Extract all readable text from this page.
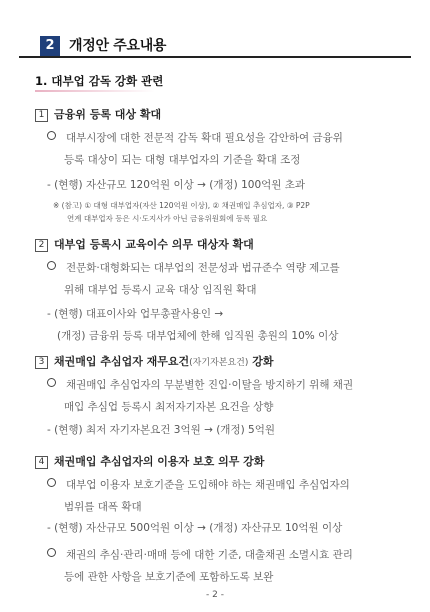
2	개정안 주요내용
1. 대부업 감독 강화 관련
1 금융위 등록 대상 확대
대부시장에 대한 전문적 감독 확대 필요성을 감안하여 금융위
등록 대상이 되는 대형 대부업자의 기준을 확대 조정
- (현행) 자산규모 120억원 이상 → (개정) 100억원 초과
※ (참고) ① 대형 대부업자(자산 120억원 이상), ② 채권매입 추심업자, ③ P2P
연계 대부업자 등은 시·도지사가 아닌 금융위원회에 등록 필요
2 대부업 등록시 교육이수 의무 대상자 확대
전문화·대형화되는 대부업의 전문성과 법규준수 역량 제고를
위해 대부업 등록시 교육 대상 임직원 확대
- (현행) 대표이사와 업무총괄사용인 →
(개정) 금융위 등록 대부업체에 한해 임직원 총원의 10% 이상
3 채권매입 추심업자 재무요건(자기자본요건) 강화
채권매입 추심업자의 무분별한 진입·이탈을 방지하기 위해 채권
매입 추심업 등록시 최저자기자본 요건을 상향
- (현행) 최저 자기자본요건 3억원 → (개정) 5억원
4 채권매입 추심업자의 이용자 보호 의무 강화
대부업 이용자 보호기준을 도입해야 하는 채권매입 추심업자의
범위를 대폭 확대
- (현행) 자산규모 500억원 이상 → (개정) 자산규모 10억원 이상
채권의 추심·관리·매매 등에 대한 기준, 대출채권 소멸시효 관리
등에 관한 사항을 보호기준에 포함하도록 보완
- 2 -
